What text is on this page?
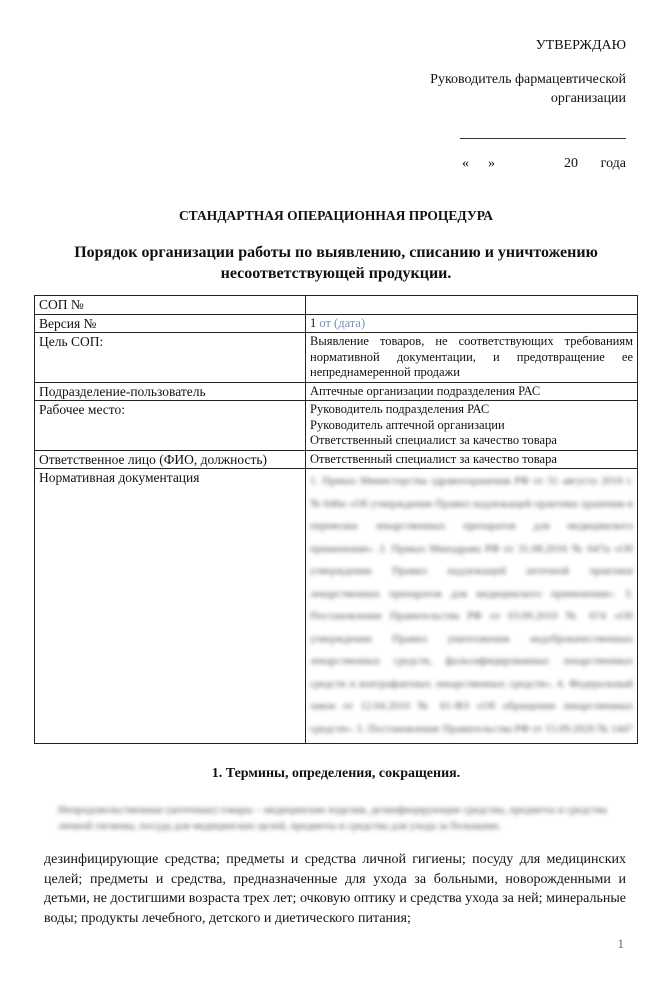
УТВЕРЖДАЮ
Руководитель фармацевтической
организации
« »	20 года
СТАНДАРТНАЯ ОПЕРАЦИОННАЯ ПРОЦЕДУРА
Порядок организации работы по выявлению, списанию и уничтожению несоответствующей продукции.
СОП №	
Версия №	1 от (дата)
Цель СОП:	Выявление товаров, не соответствующих требованиям нормативной документации, и предотвращение ее непреднамеренной продажи
Подразделение-пользователь	Аптечные организации подразделения РАС
Рабочее место:	Руководитель подразделения РАС
Руководитель аптечной организации
Ответственный специалист за качество товара

Ответственное лицо (ФИО, должность)	Ответственный специалист за качество товара
Нормативная документация	1. Приказ Министерства здравоохранения РФ от 31 августа 2016 г. № 646н «Об утверждении Правил надлежащей практики хранения и перевозки лекарственных препаратов для медицинского применения». 2. Приказ Минздрава РФ от 31.08.2016 № 647н «Об утверждении Правил надлежащей аптечной практики лекарственных препаратов для медицинского применения». 3. Постановление Правительства РФ от 03.09.2010 № 674 «Об утверждении Правил уничтожения недоброкачественных лекарственных средств, фальсифицированных лекарственных средств и контрафактных лекарственных средств». 4. Федеральный закон от 12.04.2010 № 61-ФЗ «Об обращении лекарственных средств». 5. Постановление Правительства РФ от 15.09.2020 № 1447
1. Термины, определения, сокращения.
Непродовольственные (аптечные) товары – медицинские изделия, дезинфицирующие средства, предметы и средства личной гигиены, посуда для медицинских целей, предметы и средства для ухода за больными.
дезинфицирующие средства; предметы и средства личной гигиены; посуду для медицинских целей; предметы и средства, предназначенные для ухода за больными, новорожденными и детьми, не достигшими возраста трех лет; очковую оптику и средства ухода за ней; минеральные воды; продукты лечебного, детского и диетического питания;
1
